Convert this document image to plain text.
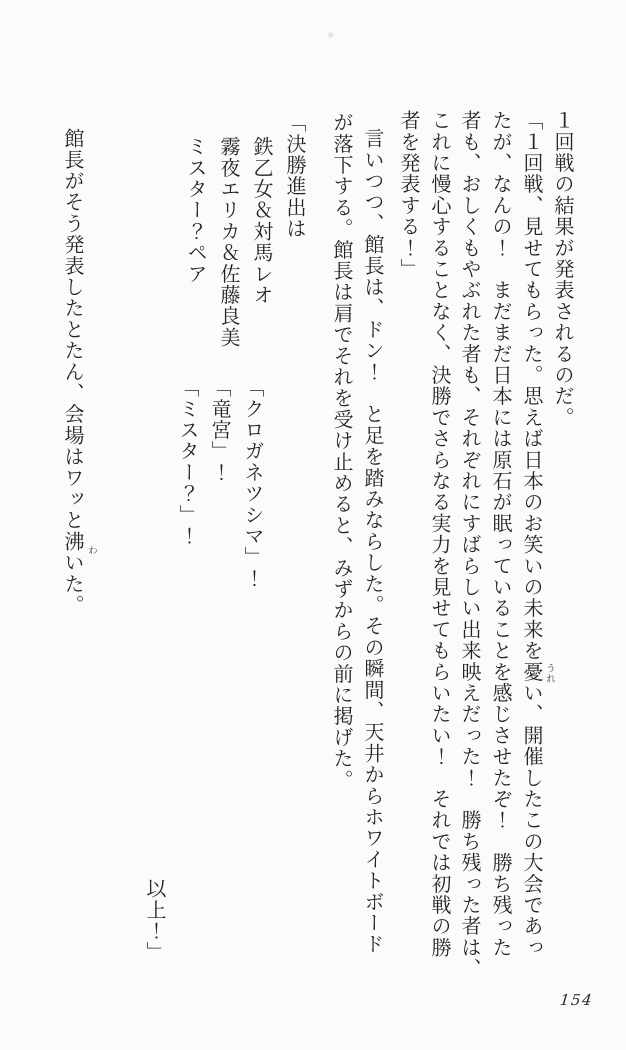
１回戦の結果が発表されるのだ。
「１回戦、見せてもらった。思えば日本のお笑いの未来を憂い、開催したこの大会であっ
たが、なんの！　まだまだ日本には原石が眠っていることを感じさせたぞ！　勝ち残った
者も、おしくもやぶれた者も、それぞれにすばらしい出来映えだった！　勝ち残った者は、
これに慢心することなく、決勝でさらなる実力を見せてもらいたい！　それでは初戦の勝
者を発表する！」
言いつつ、館長は、ドン！　と足を踏みならした。その瞬間、天井からホワイトボード
が落下する。館長は肩でそれを受け止めると、みずからの前に掲げた。
「決勝進出は
鉄乙女＆対馬レオ
霧夜エリカ＆佐藤良美
ミスター？ペア
「クロガネツシマ」！
「竜宮」！
「ミスター？」！
以上！」
館長がそう発表したとたん、会場はワッと沸いた。
うれ
わ
154
